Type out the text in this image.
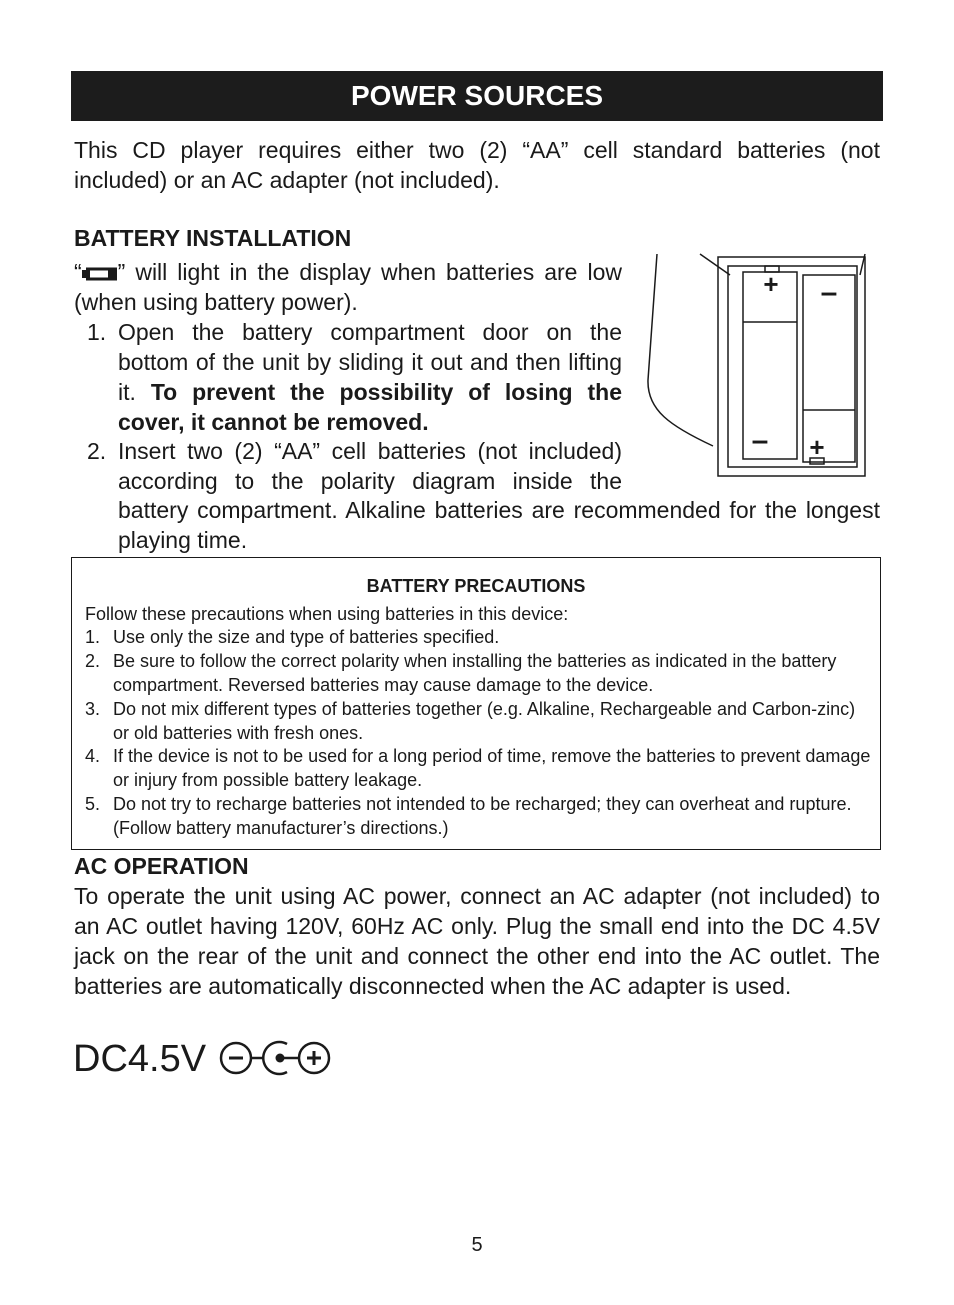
POWER SOURCES
This CD player requires either two (2) “AA” cell standard batteries (not included) or an AC adapter (not included).
BATTERY INSTALLATION
“ ” will light in the display when batteries are low (when using battery power).
1. Open the battery compartment door on the bottom of the unit by sliding it out and then lifting it. To prevent the possibility of losing the cover, it cannot be removed.
2. Insert two (2) “AA” cell batteries (not included) according to the polarity diagram inside the
battery compartment. Alkaline batteries are recommended for the longest playing time.
+ –
– +
BATTERY PRECAUTIONS
Follow these precautions when using batteries in this device:
1. Use only the size and type of batteries specified.
2. Be sure to follow the correct polarity when installing the batteries as indicated in the battery compartment. Reversed batteries may cause damage to the device.
3. Do not mix different types of batteries together (e.g. Alkaline, Rechargeable and Carbon-zinc) or old batteries with fresh ones.
4. If the device is not to be used for a long period of time, remove the batteries to prevent damage or injury from possible battery leakage.
5. Do not try to recharge batteries not intended to be recharged; they can overheat and rupture. (Follow battery manufacturer’s directions.)
AC OPERATION
To operate the unit using AC power, connect an AC adapter (not included) to an AC outlet having 120V, 60Hz AC only. Plug the small end into the DC 4.5V jack on the rear of the unit and connect the other end into the AC outlet. The batteries are automatically disconnected when the AC adapter is used.
DC4.5V
5
